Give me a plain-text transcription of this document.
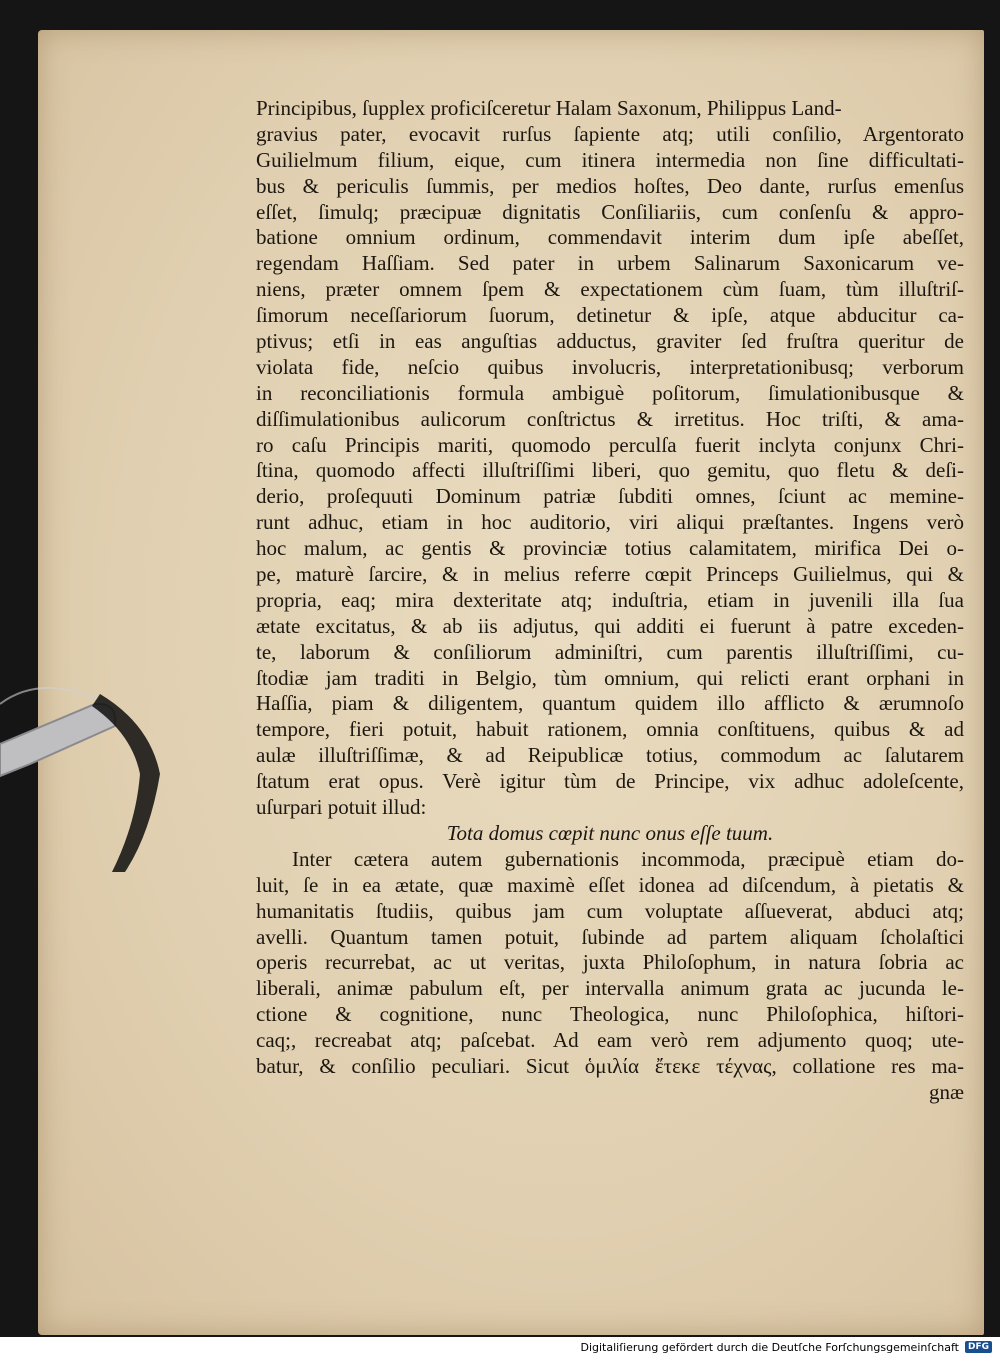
Principibus, ſupplex proficiſceretur Halam Saxonum, Philippus Land-
gravius pater, evocavit rurſus ſapiente atq; utili conſilio, Argentorato
Guilielmum filium, eique, cum itinera intermedia non ſine difficultati-
bus & periculis ſummis, per medios hoſtes, Deo dante, rurſus emenſus
eſſet, ſimulq; præcipuæ dignitatis Conſiliariis, cum conſenſu & appro-
batione omnium ordinum, commendavit interim dum ipſe abeſſet,
regendam Haſſiam. Sed pater in urbem Salinarum Saxonicarum ve-
niens, præter omnem ſpem & expectationem cùm ſuam, tùm illuſtriſ-
ſimorum neceſſariorum ſuorum, detinetur & ipſe, atque abducitur ca-
ptivus; etſi in eas anguſtias adductus, graviter ſed fruſtra queritur de
violata fide, neſcio quibus involucris, interpretationibusq; verborum
in reconciliationis formula ambiguè poſitorum, ſimulationibusque &
diſſimulationibus aulicorum conſtrictus & irretitus. Hoc triſti, & ama-
ro caſu Principis mariti, quomodo perculſa fuerit inclyta conjunx Chri-
ſtina, quomodo affecti illuſtriſſimi liberi, quo gemitu, quo fletu & deſi-
derio, proſequuti Dominum patriæ ſubditi omnes, ſciunt ac memine-
runt adhuc, etiam in hoc auditorio, viri aliqui præſtantes. Ingens verò
hoc malum, ac gentis & provinciæ totius calamitatem, mirifica Dei o-
pe, maturè ſarcire, & in melius referre cœpit Princeps Guilielmus, qui &
propria, eaq; mira dexteritate atq; induſtria, etiam in juvenili illa ſua
ætate excitatus, & ab iis adjutus, qui additi ei fuerunt à patre exceden-
te, laborum & conſiliorum adminiſtri, cum parentis illuſtriſſimi, cu-
ſtodiæ jam traditi in Belgio, tùm omnium, qui relicti erant orphani in
Haſſia, piam & diligentem, quantum quidem illo afflicto & ærumnoſo
tempore, fieri potuit, habuit rationem, omnia conſtituens, quibus & ad
aulæ illuſtriſſimæ, & ad Reipublicæ totius, commodum ac ſalutarem
ſtatum erat opus. Verè igitur tùm de Principe, vix adhuc adoleſcente,
uſurpari potuit illud:
Tota domus cœpit nunc onus eſſe tuum.
Inter cætera autem gubernationis incommoda, præcipuè etiam do-
luit, ſe in ea ætate, quæ maximè eſſet idonea ad diſcendum, à pietatis &
humanitatis ſtudiis, quibus jam cum voluptate aſſueverat, abduci atq;
avelli. Quantum tamen potuit, ſubinde ad partem aliquam ſcholaſtici
operis recurrebat, ac ut veritas, juxta Philoſophum, in natura ſobria ac
liberali, animæ pabulum eſt, per intervalla animum grata ac jucunda le-
ctione & cognitione, nunc Theologica, nunc Philoſophica, hiſtori-
caq;, recreabat atq; paſcebat. Ad eam verò rem adjumento quoq; ute-
batur, & conſilio peculiari. Sicut ὁμιλία ἔτεκε τέχνας, collatione res ma-
gnæ
Digitaliſierung gefördert durch die Deutſche Forſchungsgemeinſchaft	DFG
